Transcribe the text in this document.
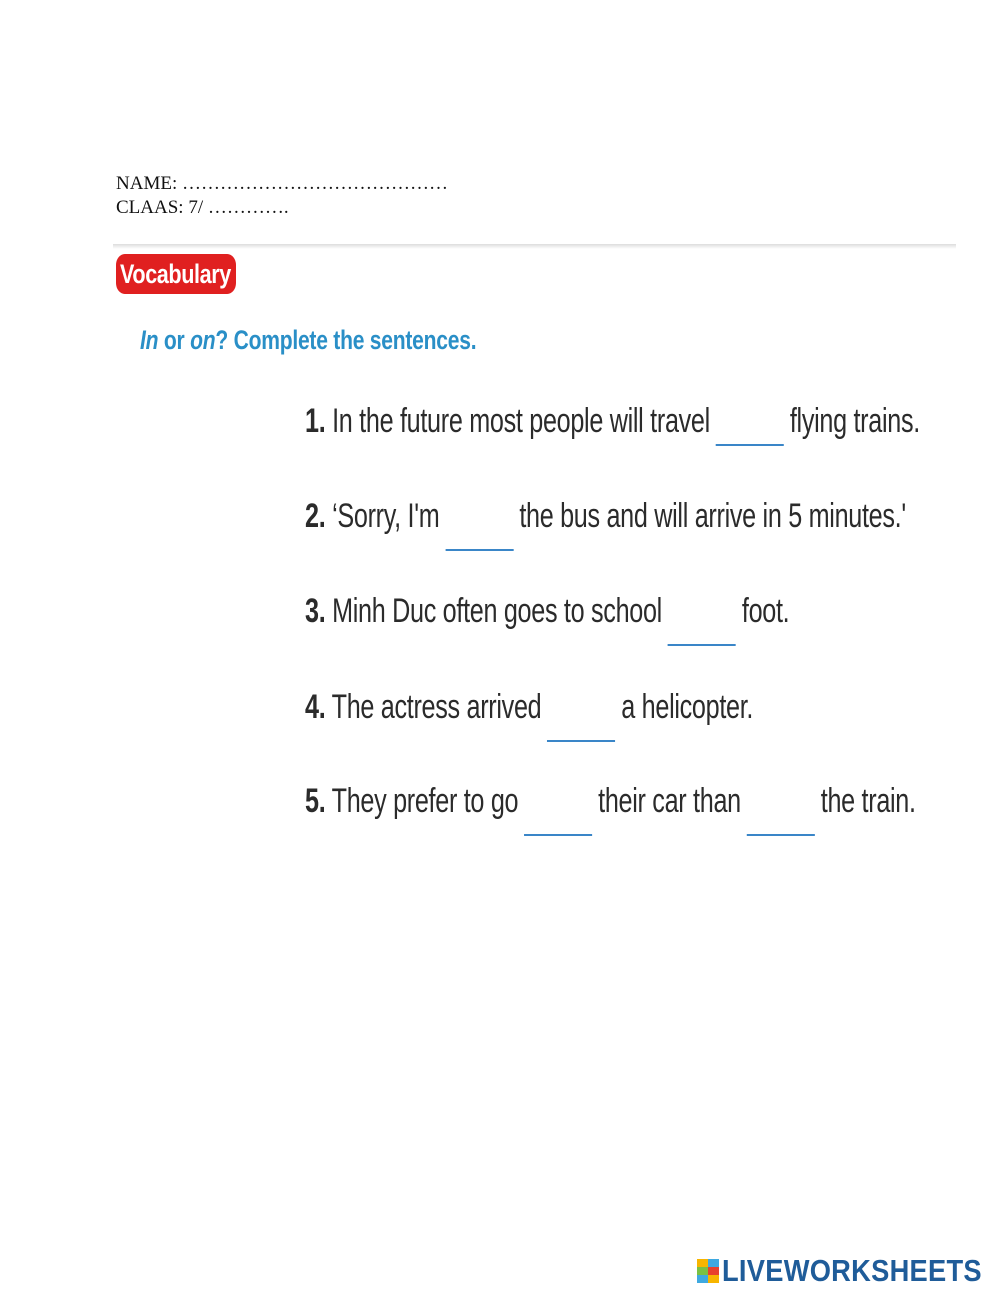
NAME: ……………………………………
CLAAS: 7/ ………….
Vocabulary
In or on? Complete the sentences.
1. In the future most people will travel flying trains.
2. ‘Sorry, I'm the bus and will arrive in 5 minutes.'
3. Minh Duc often goes to school foot.
4. The actress arrived a helicopter.
5. They prefer to go their car than the train.
LIVEWORKSHEETS
